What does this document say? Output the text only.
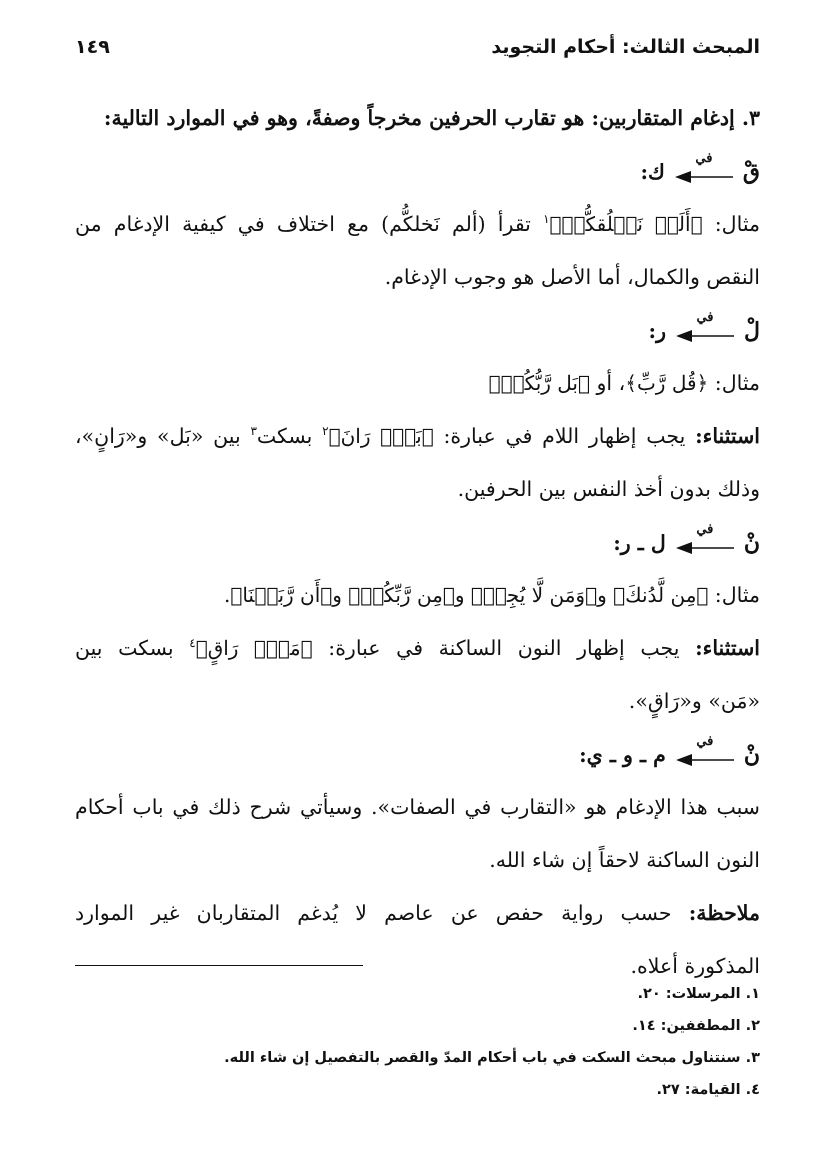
المبحث الثالث: أحكام التجويد
١٤٩
٣. إدغام المتقاربين: هو تقارب الحرفين مخرجاً وصفةً، وهو في الموارد التالية:
قْ
في
ك:
مثال: ﴿أَلَمۡ نَخۡلُقكُّمۡ﴾$^١$ تقرأ (ألم نَخلكُّم) مع اختلاف في كيفية الإدغام من
النقص والكمال، أما الأصل هو وجوب الإدغام.
لْ
في
ر:
مثال: ﴿قُل رَّبِّ﴾، أو ﴿بَل رَّبُّكُمۡ﴾
استثناء: يجب إظهار اللام في عبارة: ﴿بَلۡۜ رَانَ﴾$^٢$ بسكت$^٣$ بين «بَل» و«رَانٍ»،
وذلك بدون أخذ النفس بين الحرفين.
نْ
في
ل ـ ر:
مثال: ﴿مِن لَّدُنكَ﴾ و﴿وَمَن لَّا يُجِبۡ﴾ و﴿مِن رَّبِّكُمۡ﴾ و﴿أَن رَّبَطۡنَا﴾.
استثناء: يجب إظهار النون الساكنة في عبارة: ﴿مَنۡۜ رَاقٍ﴾$^٤$ بسكت بين
«مَن» و«رَاقٍ».
نْ
في
م ـ و ـ ي:
سبب هذا الإدغام هو «التقارب في الصفات». وسيأتي شرح ذلك في باب أحكام
النون الساكنة لاحقاً إن شاء الله.
ملاحظة: حسب رواية حفص عن عاصم لا يُدغم المتقاربان غير الموارد
المذكورة أعلاه.
١. المرسلات: ٢٠.
٢. المطففين: ١٤.
٣. سنتناول مبحث السكت في باب أحكام المدّ والقصر بالتفصيل إن شاء الله.
٤. القيامة: ٢٧.
